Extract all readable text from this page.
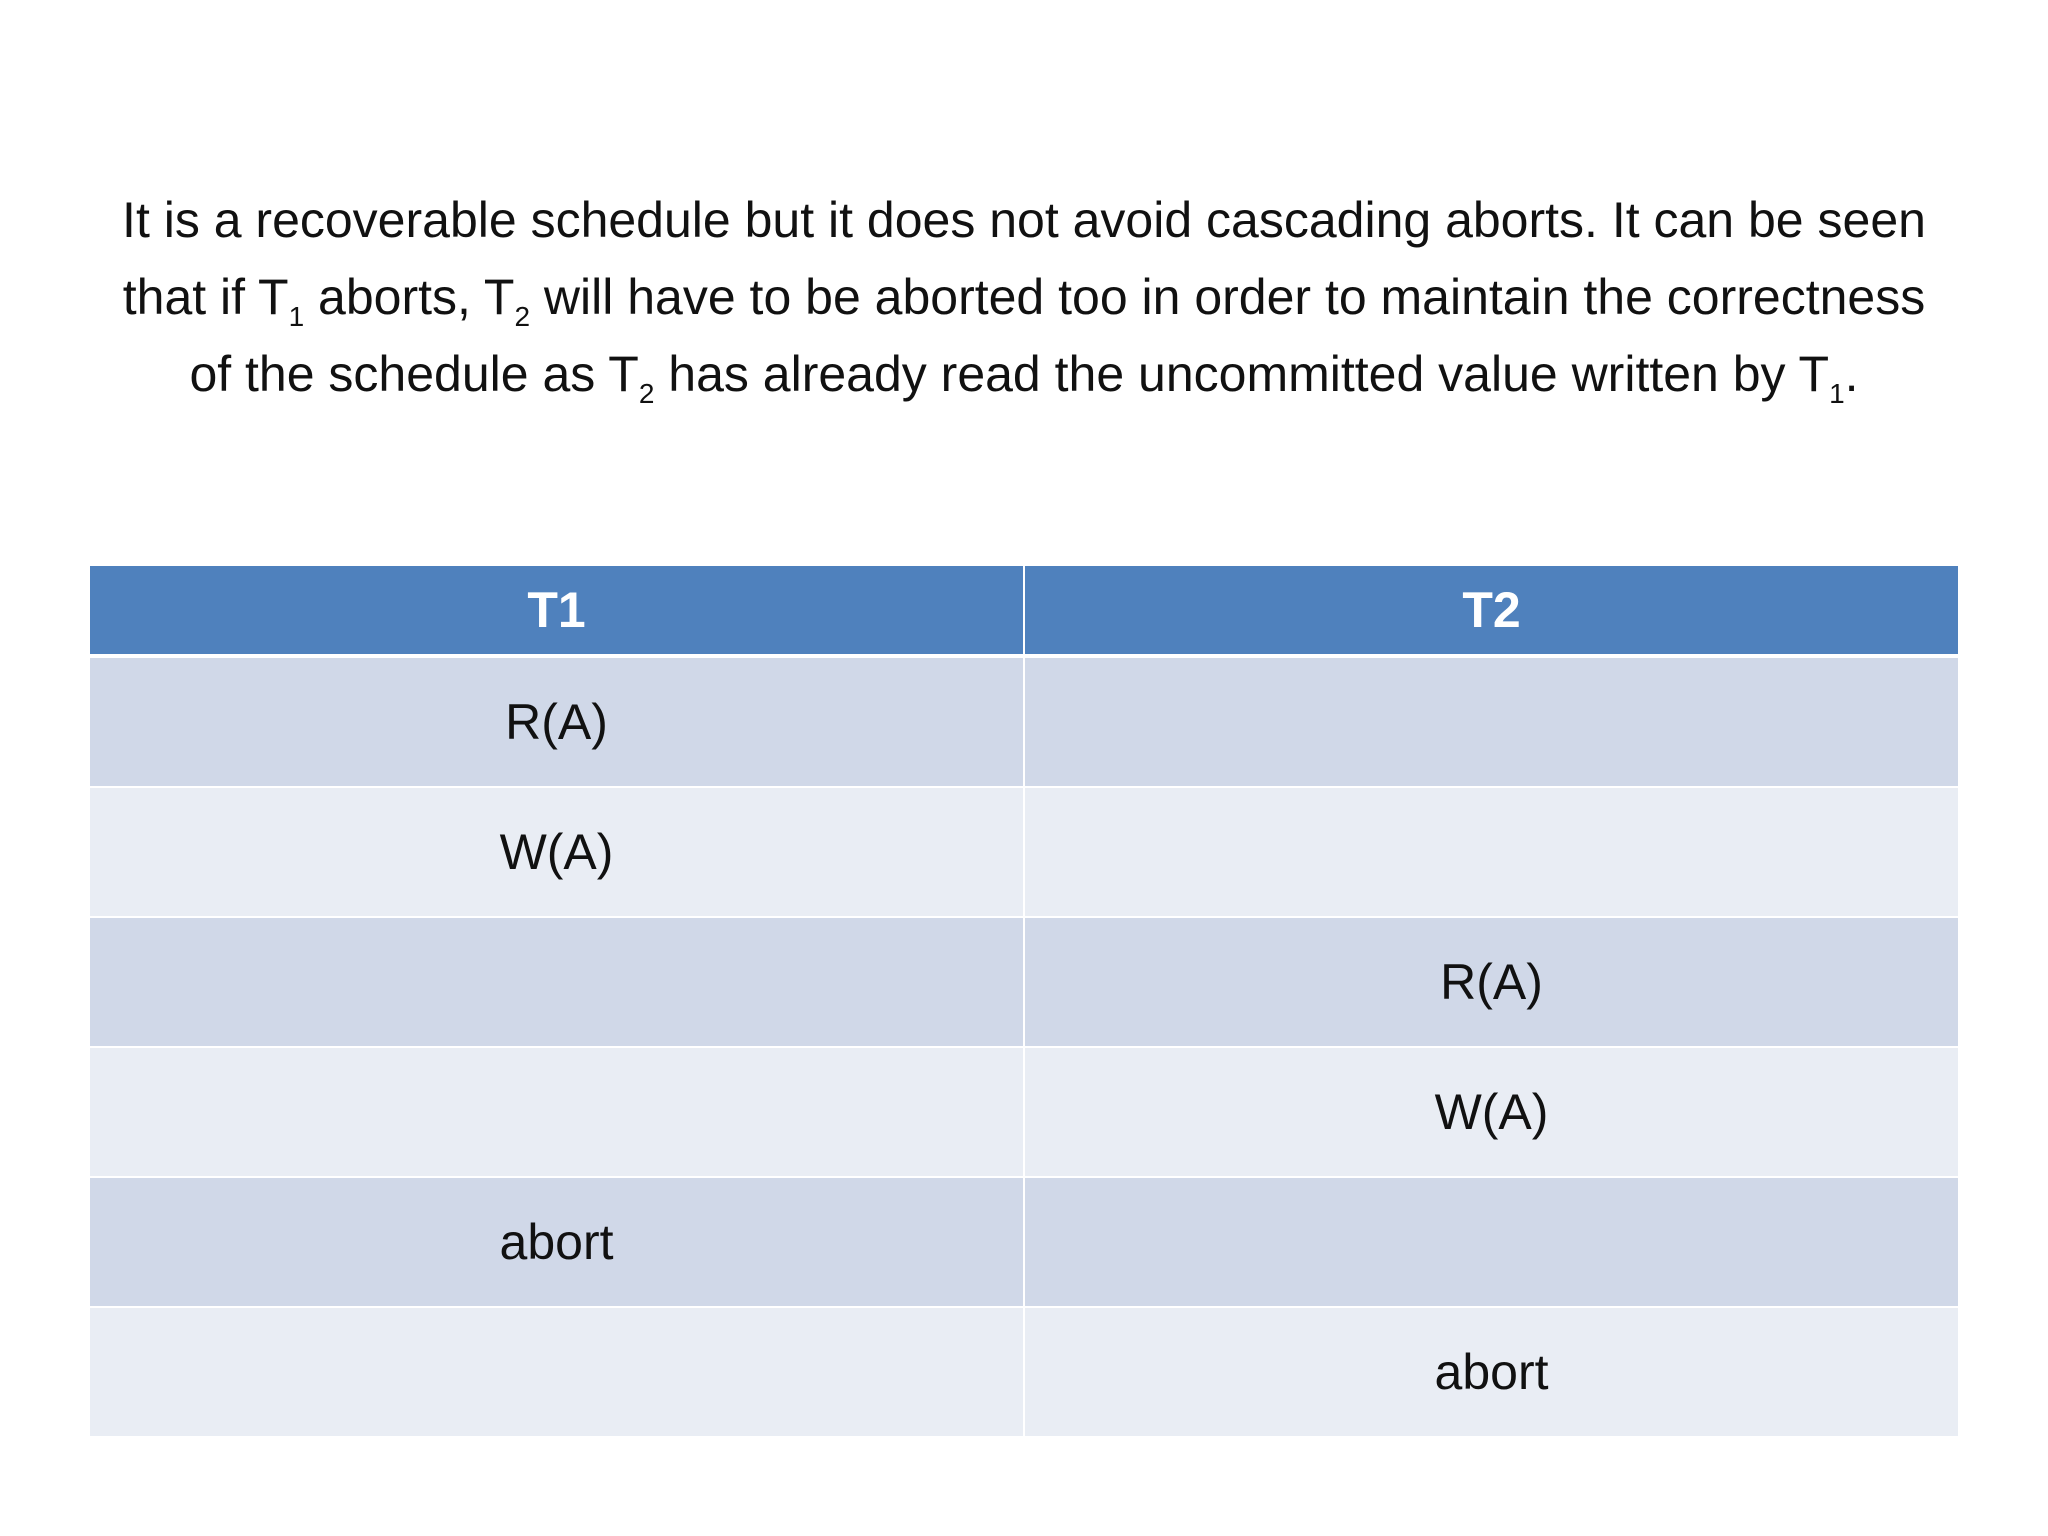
It is a recoverable schedule but it does not avoid cascading aborts. It can be seen that if $T_1$ aborts, $T_2$ will have to be aborted too in order to maintain the correctness of the schedule as $T_2$ has already read the uncommitted value written by $T_1$.

T1	T2
R(A)	
W(A)	
	R(A)
	W(A)
abort	
	abort
